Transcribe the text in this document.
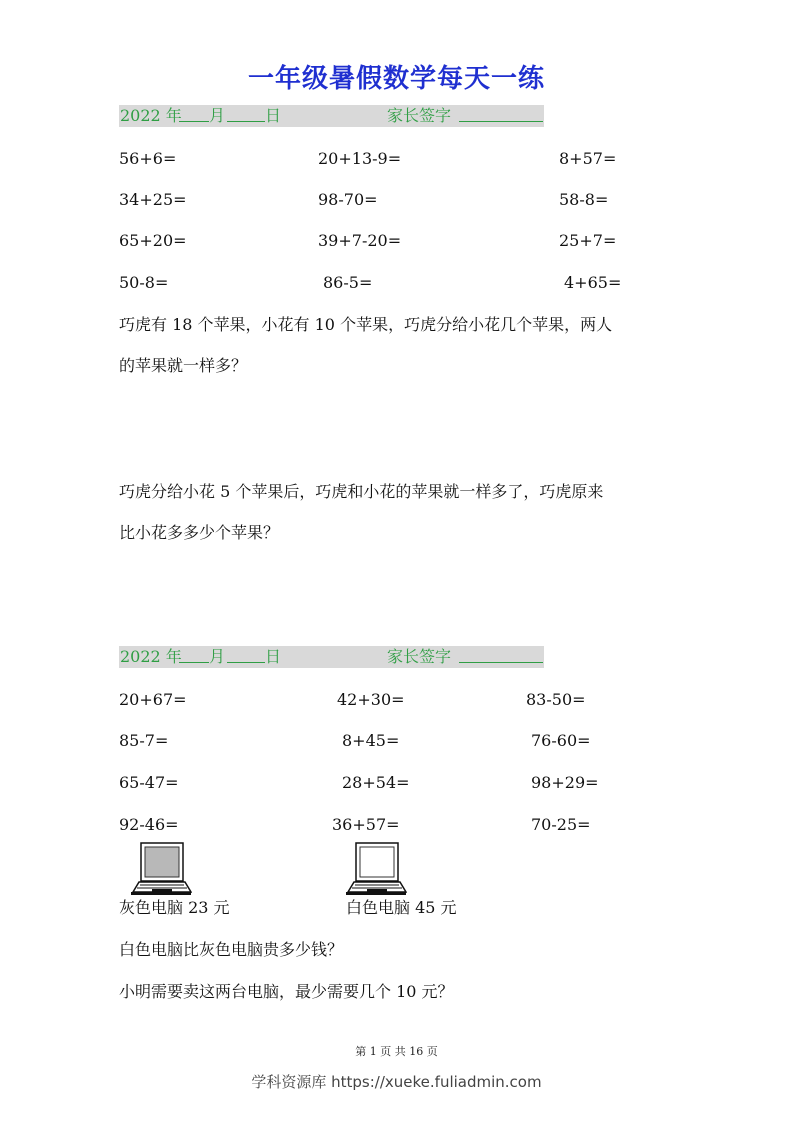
一年级暑假数学每天一练
2022 年 月 日	家长签字
56+6=	20+13-9=	8+57=
34+25=	98-70=	58-8=
65+20=	39+7-20=	25+7=
50-8=	86-5=	4+65=
巧虎有 18 个苹果，小花有 10 个苹果，巧虎分给小花几个苹果，两人
的苹果就一样多？
巧虎分给小花 5 个苹果后，巧虎和小花的苹果就一样多了，巧虎原来
比小花多多少个苹果？
2022 年 月 日	家长签字
20+67=	42+30=	83-50=
85-7=	8+45=	76-60=
65-47=	28+54=	98+29=
92-46=	36+57=	70-25=
灰色电脑 23 元	白色电脑 45 元
白色电脑比灰色电脑贵多少钱？
小明需要卖这两台电脑，最少需要几个 10 元？
第 1 页 共 16 页
学科资源库 https://xueke.fuliadmin.com
